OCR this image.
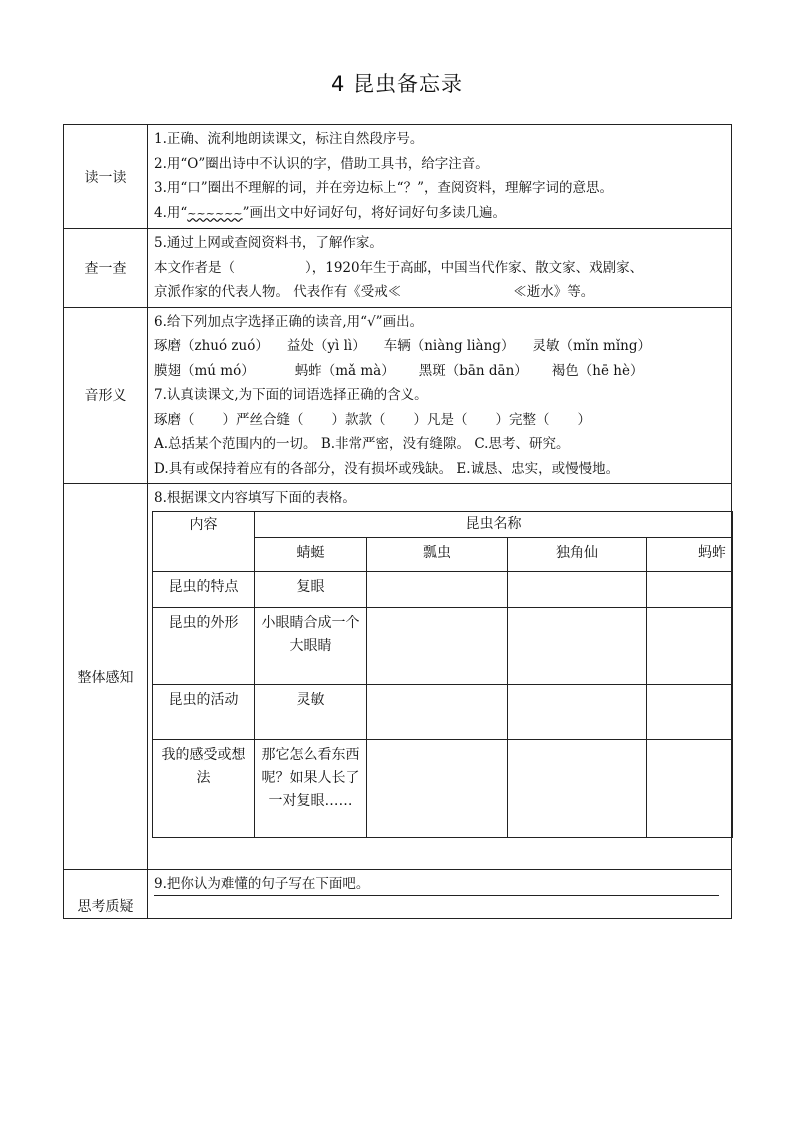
4 昆虫备忘录
读一读	
1.正确、流利地朗读课文，标注自然段序号。
2.用“O”圈出诗中不认识的字，借助工具书，给字注音。
3.用“口”圈出不理解的词，并在旁边标上“？”，查阅资料，理解字词的意思。
4.用“~~~~~~”画出文中好词好句，将好词好句多读几遍。

查一查	
5.通过上网或查阅资料书，了解作家。
本文作者是（	），1920年生于高邮，中国当代作家、散文家、戏剧家、
京派作家的代表人物。 代表作有《受戒≪	≪逝水》等。

音形义	
6.给下列加点字选择正确的读音,用“√”画出。
琢磨（zhuó zuó） 益处（yì lì） 车辆（niàng liàng） 灵敏（mǐn mǐng）
膜翅（mú mó）	蚂蚱（mǎ mà） 黑斑（bān dān） 褐色（hē hè）
7.认真读课文,为下面的词语选择正确的含义。
琢磨（ ）严丝合缝（ ）款款（ ）凡是（ ）完整（ ）
A.总括某个范围内的一切。 B.非常严密，没有缝隙。 C.思考、研究。
D.具有或保持着应有的各部分，没有损坏或残缺。 E.诚恳、忠实，或慢慢地。

整体感知	
8.根据课文内容填写下面的表格。
内容	昆虫名称
蜻蜓	瓢虫	独角仙	蚂蚱
昆虫的特点	复眼			
昆虫的外形	小眼睛合成一个大眼睛			
昆虫的活动	灵敏			
我的感受或想法	那它怎么看东西呢？如果人长了一对复眼……			

思考质疑

9.把你认为难懂的句子写在下面吧。
